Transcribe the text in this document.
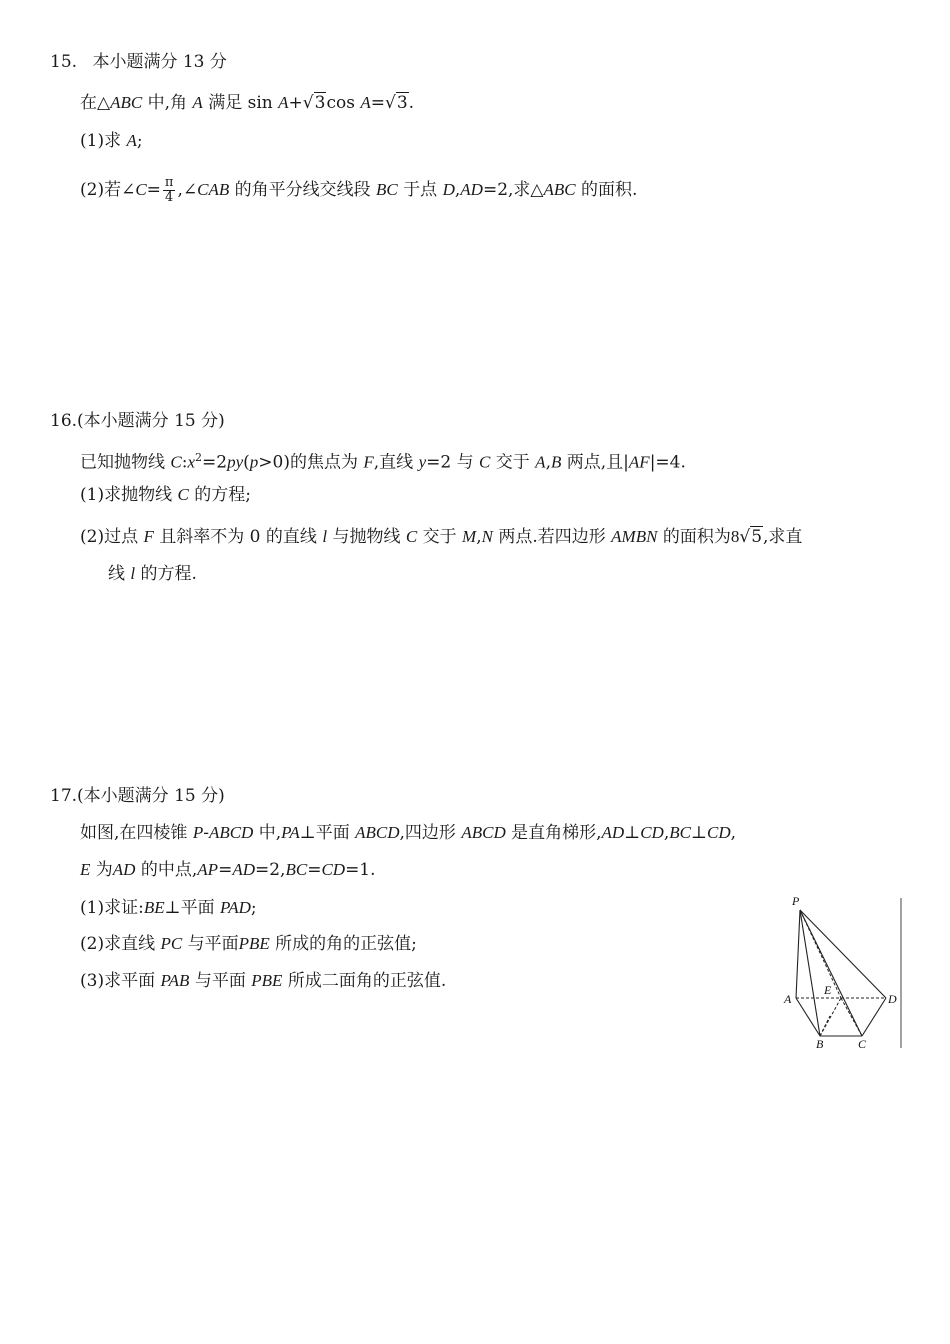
15. 本小题满分 13 分
在△ABC 中,角 A 满足 sin A+√3cos A=√3.
(1)求 A;
(2)若∠C= $\frac{\pi}{4}$ ,∠CAB 的角平分线交线段 BC 于点 D,AD=2,求△ABC 的面积.
16.(本小题满分 15 分)
已知抛物线 $C:x^2=2py(p>0)$的焦点为 F,直线 y=2 与 C 交于 A,B 两点,且|AF|=4.
(1)求抛物线 C 的方程;
(2)过点 F 且斜率不为 0 的直线 l 与抛物线 C 交于 M,N 两点.若四边形 AMBN 的面积为8√5,求直
线 l 的方程.
17.(本小题满分 15 分)
如图,在四棱锥 P-ABCD 中,PA⊥平面 ABCD,四边形 ABCD 是直角梯形,AD⊥CD,BC⊥CD,
E 为AD 的中点,AP=AD=2,BC=CD=1.
(1)求证:BE⊥平面 PAD;
(2)求直线 PC 与平面PBE 所成的角的正弦值;
(3)求平面 PAB 与平面 PBE 所成二面角的正弦值.
P
A
E
D
B	C
